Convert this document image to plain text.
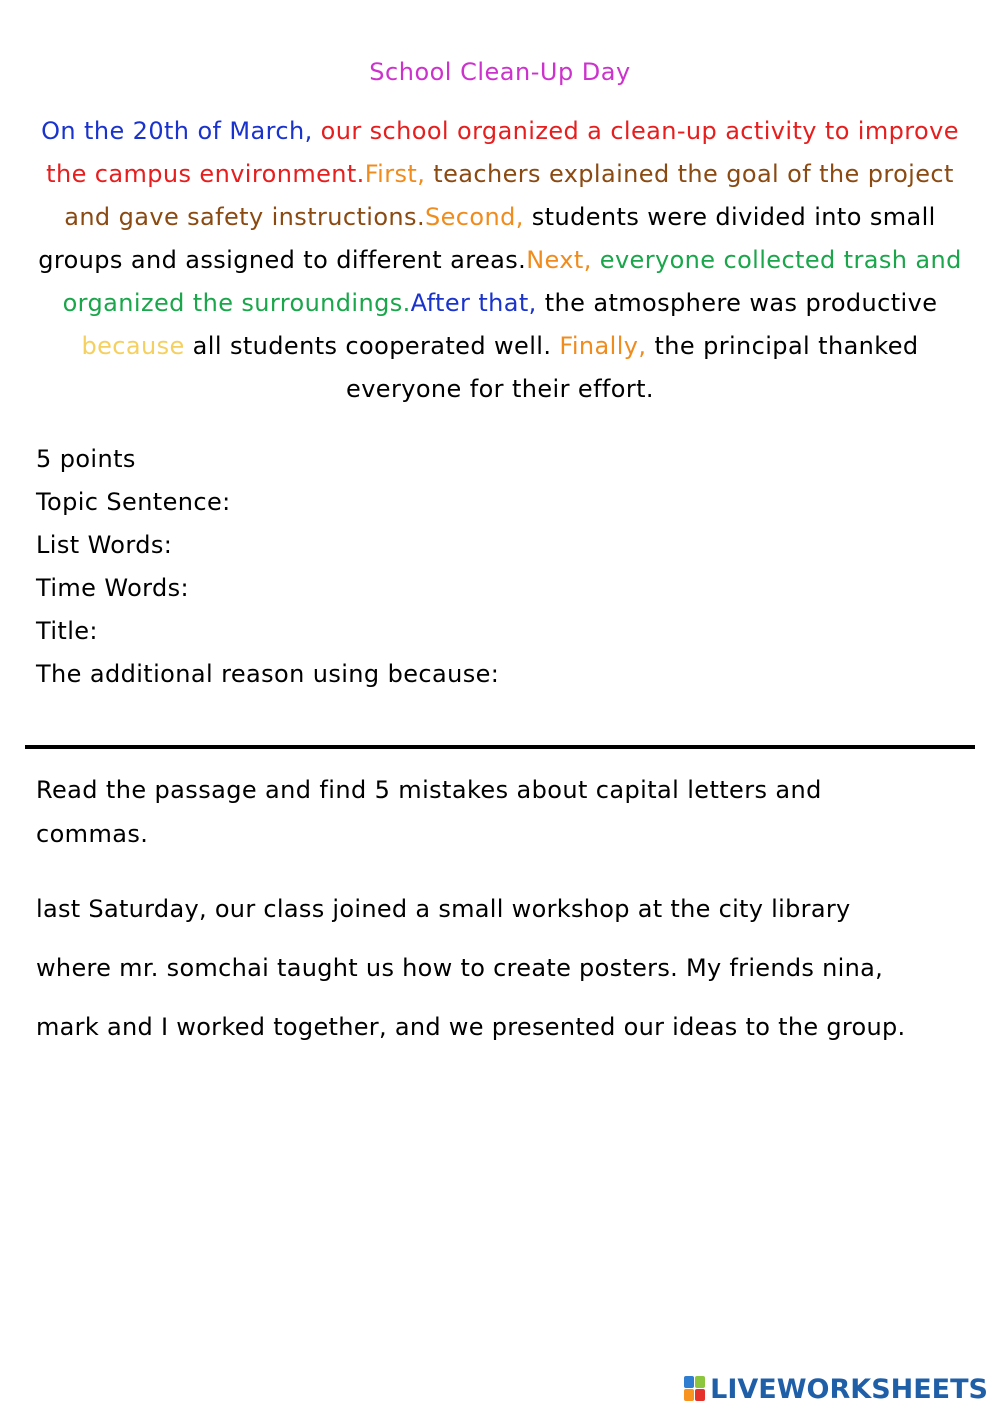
School Clean-Up Day

On the 20th of March, our school organized a clean-up activity to improve the campus environment.First, teachers explained the goal of the project and gave safety instructions.Second, students were divided into small groups and assigned to different areas.Next, everyone collected trash and organized the surroundings.After that, the atmosphere was productive because all students cooperated well. Finally, the principal thanked everyone for their effort.

5 points
Topic Sentence:
List Words:
Time Words:
Title:
The additional reason using because:

Read the passage and find 5 mistakes about capital letters and commas.

last Saturday, our class joined a small workshop at the city library
where mr. somchai taught us how to create posters. My friends nina,
mark and I worked together, and we presented our ideas to the group.
LIVEWORKSHEETS
